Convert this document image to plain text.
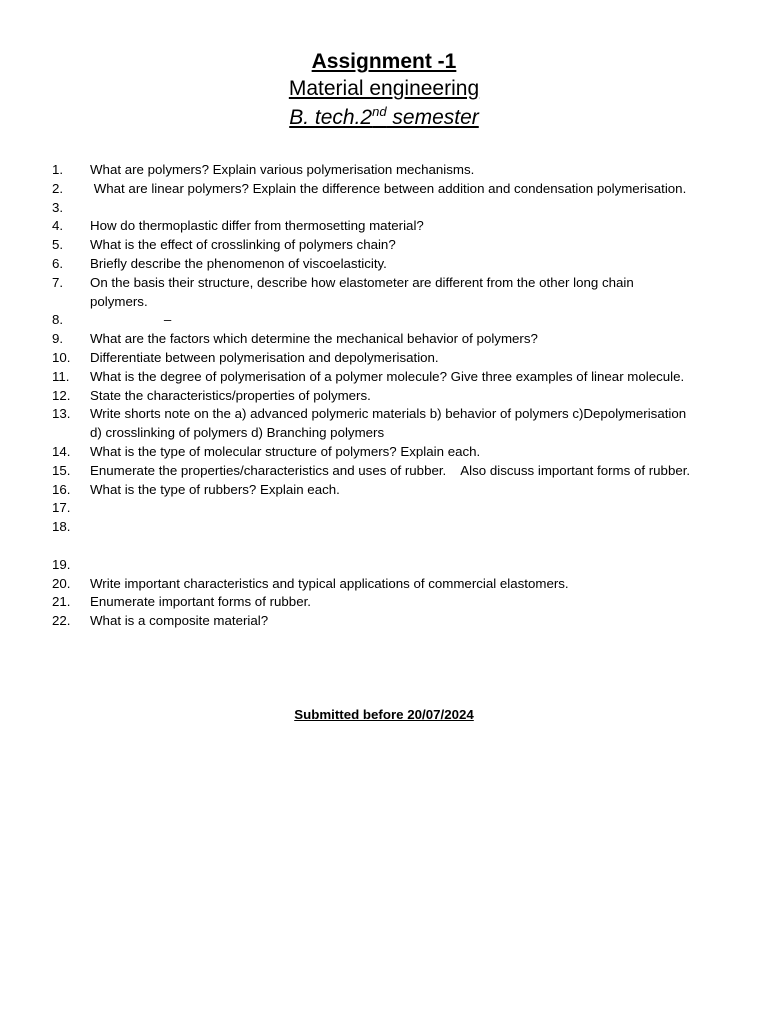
Assignment -1

Material engineering

B. tech.2nd semester

1.	What are polymers? Explain various polymerisation mechanisms.
2.	What are linear polymers? Explain the difference between addition and condensation polymerisation.
3.
4.	How do thermoplastic differ from thermosetting material?
5.	What is the effect of crosslinking of polymers chain?
6.	Briefly describe the phenomenon of viscoelasticity.
7.	On the basis their structure, describe how elastometer are different from the other long chain polymers.
8.	–
9.	What are the factors which determine the mechanical behavior of polymers?
10.	Differentiate between polymerisation and depolymerisation.
11.	What is the degree of polymerisation of a polymer molecule? Give three examples of linear molecule.
12.	State the characteristics/properties of polymers.
13.	Write shorts note on the a) advanced polymeric materials b) behavior of polymers c)Depolymerisation  d) crosslinking of polymers d) Branching polymers
14.	What is the type of molecular structure of polymers? Explain each.
15.	Enumerate the properties/characteristics and uses of rubber.    Also discuss important forms of rubber.
16.	What is the type of rubbers? Explain each.
17.
18.
19.
20.	Write important characteristics and typical applications of commercial elastomers.
21.	Enumerate important forms of rubber.
22.	What is a composite material?
Submitted before 20/07/2024
